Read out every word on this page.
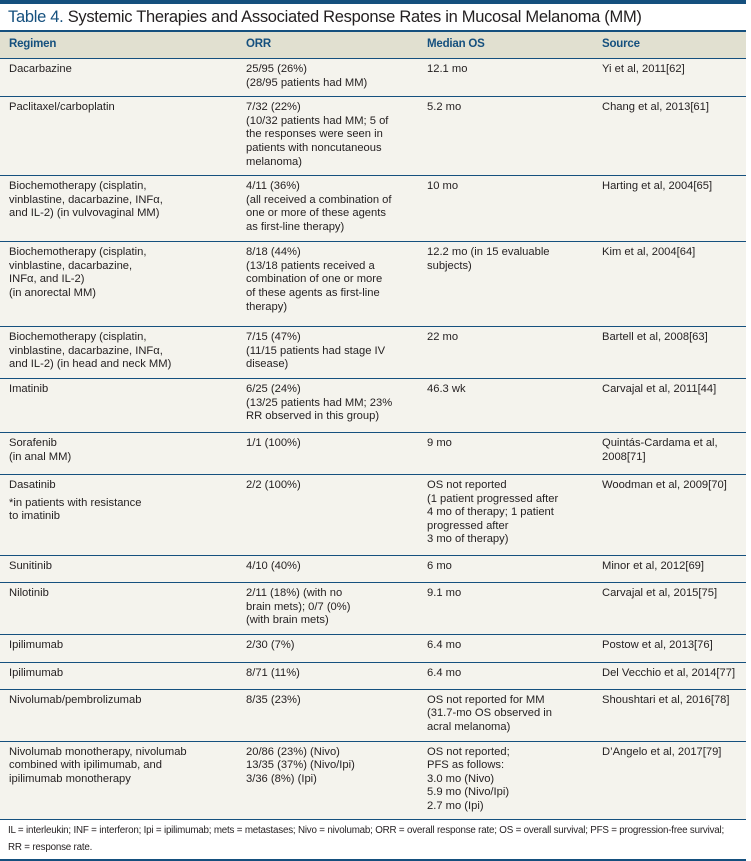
Table 4. Systemic Therapies and Associated Response Rates in Mucosal Melanoma (MM)
Regimen	ORR	Median OS	Source

Dacarbazine	25/95 (26%)
(28/95 patients had MM)	12.1 mo	Yi et al, 2011[62]

Paclitaxel/carboplatin	7/32 (22%)
(10/32 patients had MM; 5 of
the responses were seen in
patients with noncutaneous
melanoma)	5.2 mo	Chang et al, 2013[61]

Biochemotherapy (cisplatin,
vinblastine, dacarbazine, INFα,
and IL-2) (in vulvovaginal MM)	4/11 (36%)
(all received a combination of
one or more of these agents
as first-line therapy)	10 mo	Harting et al, 2004[65]

Biochemotherapy (cisplatin,
vinblastine, dacarbazine,
INFα, and IL-2)
(in anorectal MM)	8/18 (44%)
(13/18 patients received a
combination of one or more
of these agents as first-line
therapy)	12.2 mo (in 15 evaluable
subjects)	Kim et al, 2004[64]

Biochemotherapy (cisplatin,
vinblastine, dacarbazine, INFα,
and IL-2) (in head and neck MM)	7/15 (47%)
(11/15 patients had stage IV
disease)	22 mo	Bartell et al, 2008[63]

Imatinib	6/25 (24%)
(13/25 patients had MM; 23%
RR observed in this group)	46.3 wk	Carvajal et al, 2011[44]

Sorafenib
(in anal MM)	1/1 (100%)	9 mo	Quintás-Cardama et al,
2008[71]

Dasatinib
*in patients with resistance
to imatinib	2/2 (100%)	OS not reported
(1 patient progressed after
4 mo of therapy; 1 patient
progressed after
3 mo of therapy)	Woodman et al, 2009[70]

Sunitinib	4/10 (40%)	6 mo	Minor et al, 2012[69]

Nilotinib	2/11 (18%) (with no
brain mets); 0/7 (0%)
(with brain mets)	9.1 mo	Carvajal et al, 2015[75]

Ipilimumab	2/30 (7%)	6.4 mo	Postow et al, 2013[76]

Ipilimumab	8/71 (11%)	6.4 mo	Del Vecchio et al, 2014[77]

Nivolumab/pembrolizumab	8/35 (23%)	OS not reported for MM
(31.7-mo OS observed in
acral melanoma)	Shoushtari et al, 2016[78]

Nivolumab monotherapy, nivolumab
combined with ipilimumab, and
ipilimumab monotherapy	20/86 (23%) (Nivo)
13/35 (37%) (Nivo/Ipi)
3/36 (8%) (Ipi)	OS not reported;
PFS as follows:
3.0 mo (Nivo)
5.9 mo (Nivo/Ipi)
2.7 mo (Ipi)	D’Angelo et al, 2017[79]
IL = interleukin; INF = interferon; Ipi = ipilimumab; mets = metastases; Nivo = nivolumab; ORR = overall response rate; OS = overall survival; PFS = progression-free survival; RR = response rate.
